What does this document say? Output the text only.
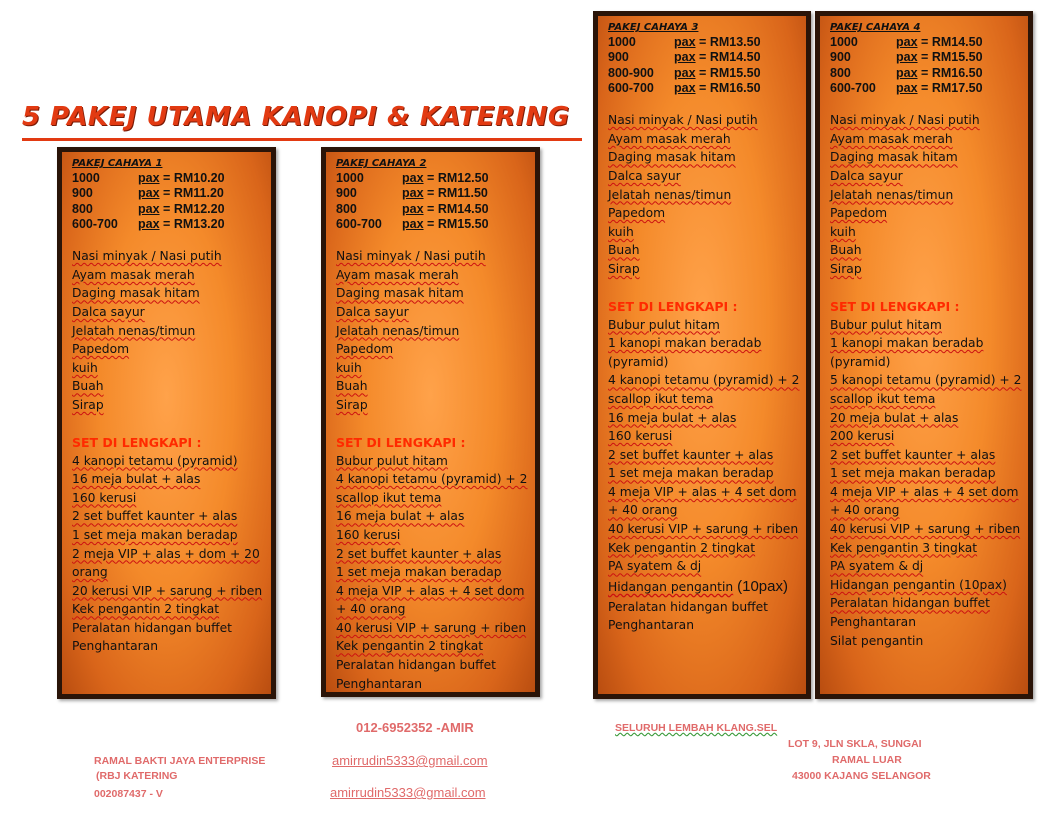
5 PAKEJ UTAMA KANOPI & KATERING
PAKEJ CAHAYA 1
1000	pax = RM10.20
900	pax = RM11.20
800	pax = RM12.20
600-700 pax = RM13.20
Nasi minyak / Nasi putih
Ayam masak merah
Daging masak hitam
Dalca sayur
Jelatah nenas/timun
Papedom
kuih
Buah
Sirap
SET DI LENGKAPI :
4 kanopi tetamu (pyramid)
16 meja bulat + alas
160 kerusi
2 set buffet kaunter + alas
1 set meja makan beradap
2 meja VIP + alas + dom + 20
orang
20 kerusi VIP + sarung + riben
Kek pengantin 2 tingkat
Peralatan hidangan buffet
Penghantaran
PAKEJ CAHAYA 2
1000	pax = RM12.50
900	pax = RM11.50
800	pax = RM14.50
600-700 pax = RM15.50
Nasi minyak / Nasi putih
Ayam masak merah
Daging masak hitam
Dalca sayur
Jelatah nenas/timun
Papedom
kuih
Buah
Sirap
SET DI LENGKAPI :
Bubur pulut hitam
4 kanopi tetamu (pyramid) + 2
scallop ikut tema
16 meja bulat + alas
160 kerusi
2 set buffet kaunter + alas
1 set meja makan beradap
4 meja VIP + alas + 4 set dom
+ 40 orang
40 kerusi VIP + sarung + riben
Kek pengantin 2 tingkat
Peralatan hidangan buffet
Penghantaran
PAKEJ CAHAYA 3
1000	pax = RM13.50
900	pax = RM14.50
800-900 pax = RM15.50
600-700 pax = RM16.50
Nasi minyak / Nasi putih
Ayam masak merah
Daging masak hitam
Dalca sayur
Jelatah nenas/timun
Papedom
kuih
Buah
Sirap
SET DI LENGKAPI :
Bubur pulut hitam
1 kanopi makan beradab
(pyramid)
4 kanopi tetamu (pyramid) + 2
scallop ikut tema
16 meja bulat + alas
160 kerusi
2 set buffet kaunter + alas
1 set meja makan beradap
4 meja VIP + alas + 4 set dom
+ 40 orang
40 kerusi VIP + sarung + riben
Kek pengantin 2 tingkat
PA syatem & dj
Hidangan pengantin (10pax)
Peralatan hidangan buffet
Penghantaran
PAKEJ CAHAYA 4
1000	pax = RM14.50
900	pax = RM15.50
800	pax = RM16.50
600-700 pax = RM17.50
Nasi minyak / Nasi putih
Ayam masak merah
Daging masak hitam
Dalca sayur
Jelatah nenas/timun
Papedom
kuih
Buah
Sirap
SET DI LENGKAPI :
Bubur pulut hitam
1 kanopi makan beradab
(pyramid)
5 kanopi tetamu (pyramid) + 2
scallop ikut tema
20 meja bulat + alas
200 kerusi
2 set buffet kaunter + alas
1 set meja makan beradap
4 meja VIP + alas + 4 set dom
+ 40 orang
40 kerusi VIP + sarung + riben
Kek pengantin 3 tingkat
PA syatem & dj
Hidangan pengantin (10pax)
Peralatan hidangan buffet
Penghantaran
Silat pengantin
RAMAL BAKTI JAYA ENTERPRISE
(RBJ KATERING
002087437 - V
012-6952352 -AMIR
amirrudin5333@gmail.com
amirrudin5333@gmail.com
SELURUH LEMBAH KLANG.SEL
LOT 9, JLN SKLA, SUNGAI
RAMAL LUAR
43000 KAJANG SELANGOR
